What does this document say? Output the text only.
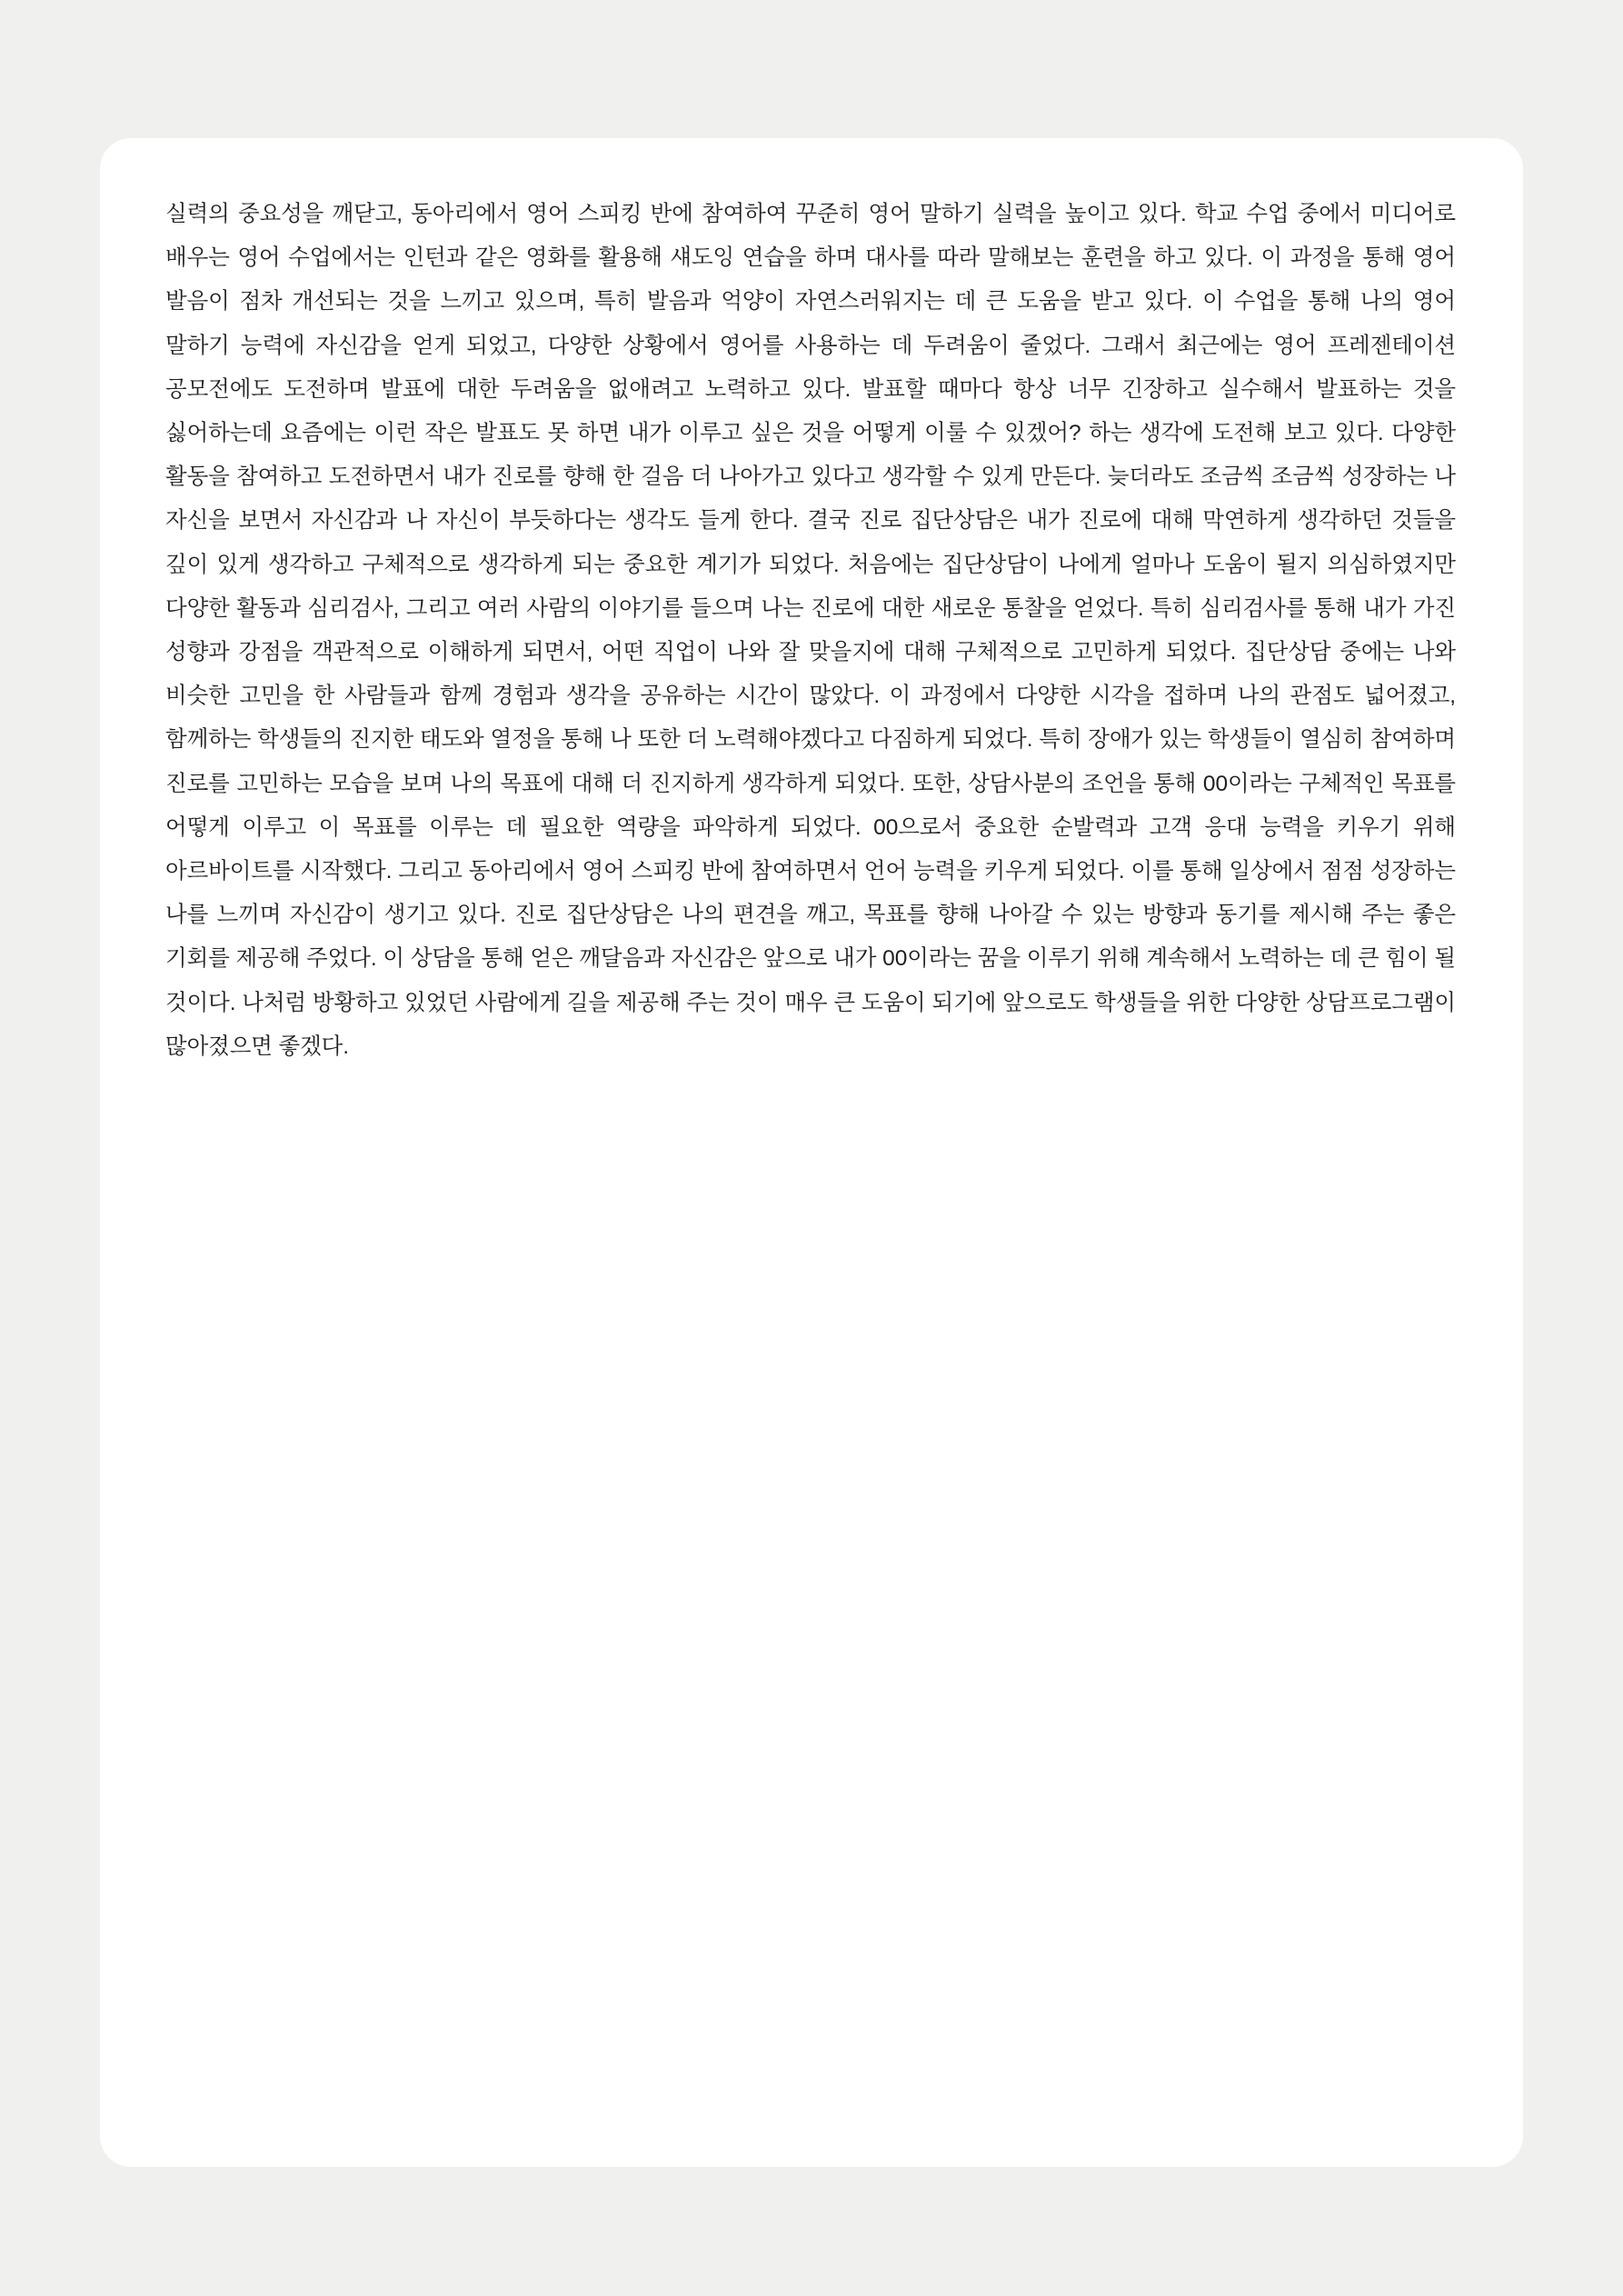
실력의 중요성을 깨닫고, 동아리에서 영어 스피킹 반에 참여하여 꾸준히 영어 말하기 실력을 높이고 있다. 학교 수업 중에서 미디어로 배우는 영어 수업에서는 인턴과 같은 영화를 활용해 섀도잉 연습을 하며 대사를 따라 말해보는 훈련을 하고 있다. 이 과정을 통해 영어 발음이 점차 개선되는 것을 느끼고 있으며, 특히 발음과 억양이 자연스러워지는 데 큰 도움을 받고 있다. 이 수업을 통해 나의 영어 말하기 능력에 자신감을 얻게 되었고, 다양한 상황에서 영어를 사용하는 데 두려움이 줄었다. 그래서 최근에는 영어 프레젠테이션 공모전에도 도전하며 발표에 대한 두려움을 없애려고 노력하고 있다. 발표할 때마다 항상 너무 긴장하고 실수해서 발표하는 것을 싫어하는데 요즘에는 이런 작은 발표도 못 하면 내가 이루고 싶은 것을 어떻게 이룰 수 있겠어? 하는 생각에 도전해 보고 있다. 다양한 활동을 참여하고 도전하면서 내가 진로를 향해 한 걸음 더 나아가고 있다고 생각할 수 있게 만든다. 늦더라도 조금씩 조금씩 성장하는 나 자신을 보면서 자신감과 나 자신이 부듯하다는 생각도 들게 한다. 결국 진로 집단상담은 내가 진로에 대해 막연하게 생각하던 것들을 깊이 있게 생각하고 구체적으로 생각하게 되는 중요한 계기가 되었다. 처음에는 집단상담이 나에게 얼마나 도움이 될지 의심하였지만 다양한 활동과 심리검사, 그리고 여러 사람의 이야기를 들으며 나는 진로에 대한 새로운 통찰을 얻었다. 특히 심리검사를 통해 내가 가진 성향과 강점을 객관적으로 이해하게 되면서, 어떤 직업이 나와 잘 맞을지에 대해 구체적으로 고민하게 되었다. 집단상담 중에는 나와 비슷한 고민을 한 사람들과 함께 경험과 생각을 공유하는 시간이 많았다. 이 과정에서 다양한 시각을 접하며 나의 관점도 넓어졌고, 함께하는 학생들의 진지한 태도와 열정을 통해 나 또한 더 노력해야겠다고 다짐하게 되었다. 특히 장애가 있는 학생들이 열심히 참여하며 진로를 고민하는 모습을 보며 나의 목표에 대해 더 진지하게 생각하게 되었다. 또한, 상담사분의 조언을 통해 00이라는 구체적인 목표를 어떻게 이루고 이 목표를 이루는 데 필요한 역량을 파악하게 되었다. 00으로서 중요한 순발력과 고객 응대 능력을 키우기 위해 아르바이트를 시작했다. 그리고 동아리에서 영어 스피킹 반에 참여하면서 언어 능력을 키우게 되었다. 이를 통해 일상에서 점점 성장하는 나를 느끼며 자신감이 생기고 있다. 진로 집단상담은 나의 편견을 깨고, 목표를 향해 나아갈 수 있는 방향과 동기를 제시해 주는 좋은 기회를 제공해 주었다. 이 상담을 통해 얻은 깨달음과 자신감은 앞으로 내가 00이라는 꿈을 이루기 위해 계속해서 노력하는 데 큰 힘이 될 것이다. 나처럼 방황하고 있었던 사람에게 길을 제공해 주는 것이 매우 큰 도움이 되기에 앞으로도 학생들을 위한 다양한 상담프로그램이 많아졌으면 좋겠다.
